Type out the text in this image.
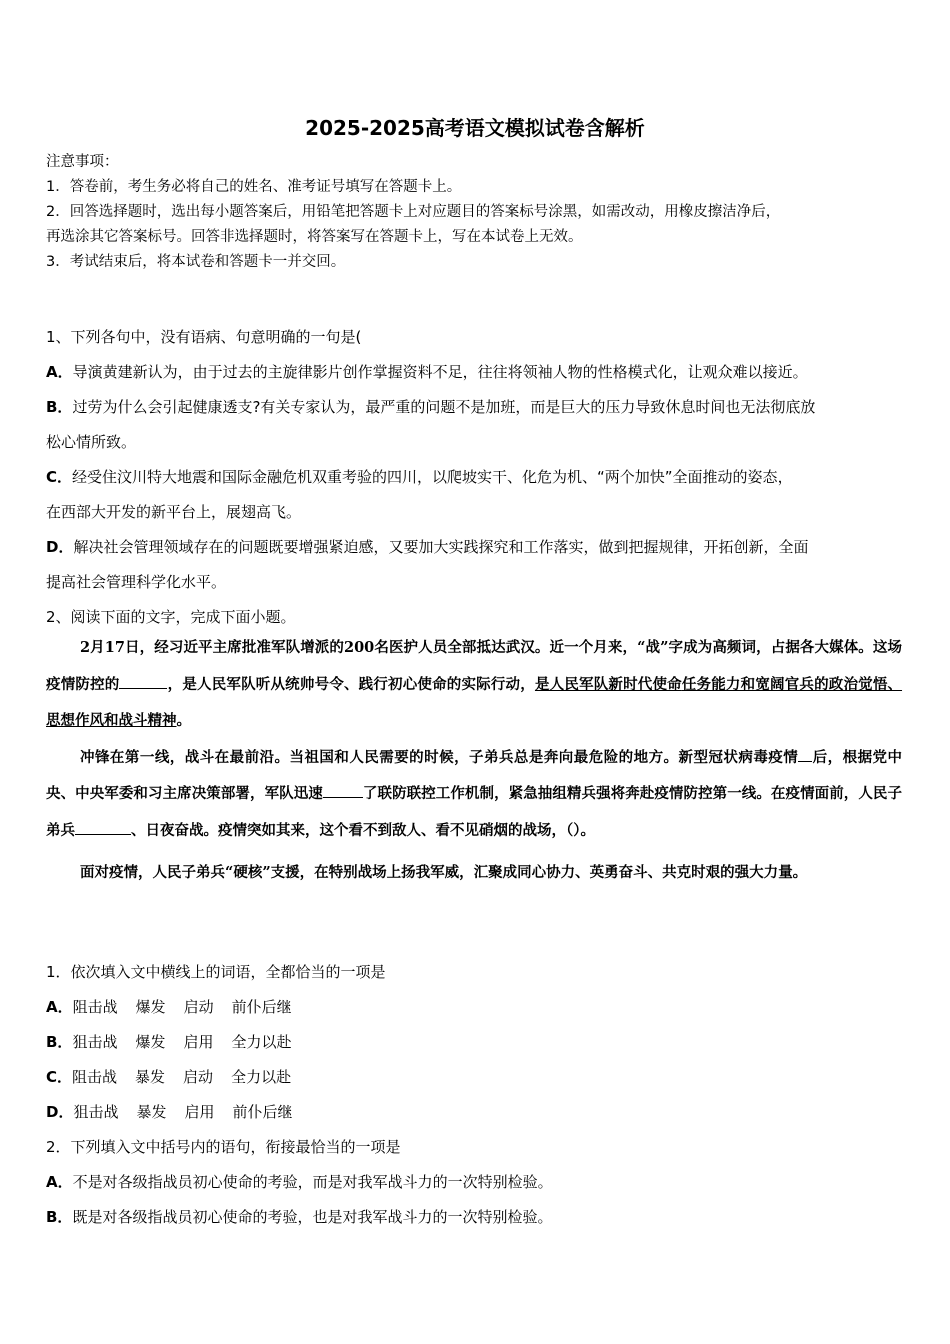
2025-2025高考语文模拟试卷含解析
注意事项：
1．答卷前，考生务必将自己的姓名、准考证号填写在答题卡上。
2．回答选择题时，选出每小题答案后，用铅笔把答题卡上对应题目的答案标号涂黑，如需改动，用橡皮擦洁净后，
再选涂其它答案标号。回答非选择题时，将答案写在答题卡上，写在本试卷上无效。
3．考试结束后，将本试卷和答题卡一并交回。
1、下列各句中，没有语病、句意明确的一句是(
A．导演黄建新认为，由于过去的主旋律影片创作掌握资料不足，往往将领袖人物的性格模式化，让观众难以接近。
B．过劳为什么会引起健康透支?有关专家认为，最严重的问题不是加班，而是巨大的压力导致休息时间也无法彻底放
松心情所致。
C．经受住汶川特大地震和国际金融危机双重考验的四川，以爬坡实干、化危为机、“两个加快”全面推动的姿态，
在西部大开发的新平台上，展翅高飞。
D．解决社会管理领域存在的问题既要增强紧迫感，又要加大实践探究和工作落实，做到把握规律，开拓创新，全面
提高社会管理科学化水平。
2、阅读下面的文字，完成下面小题。
2月17日，经习近平主席批准军队增派的200名医护人员全部抵达武汉。近一个月来，“战”字成为高频词，占据各大媒体。这场疫情防控的	，是人民军队听从统帅号令、践行初心使命的实际行动，是人民军队新时代使命任务能力和宽阔官兵的政治觉悟、思想作风和战斗精神。
冲锋在第一线，战斗在最前沿。当祖国和人民需要的时候，子弟兵总是奔向最危险的地方。新型冠状病毒疫情 后，根据党中央、中央军委和习主席决策部署，军队迅速	了联防联控工作机制，紧急抽组精兵强将奔赴疫情防控第一线。在疫情面前，人民子弟兵	、日夜奋战。疫情突如其来，这个看不到敌人、看不见硝烟的战场，（）。
面对疫情，人民子弟兵“硬核”支援，在特别战场上扬我军威，汇聚成同心协力、英勇奋斗、共克时艰的强大力量。
1．依次填入文中横线上的词语，全都恰当的一项是
A．阻击战 爆发 启动 前仆后继
B．狙击战 爆发 启用 全力以赴
C．阻击战 暴发 启动 全力以赴
D．狙击战 暴发 启用 前仆后继
2．下列填入文中括号内的语句，衔接最恰当的一项是
A．不是对各级指战员初心使命的考验，而是对我军战斗力的一次特别检验。
B．既是对各级指战员初心使命的考验，也是对我军战斗力的一次特别检验。
